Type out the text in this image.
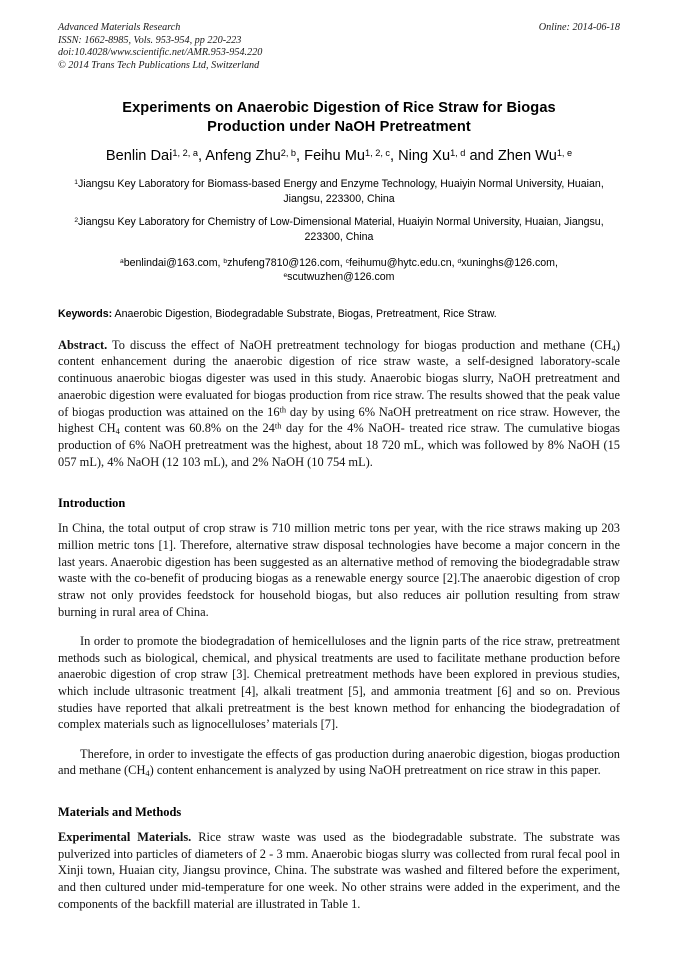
Advanced Materials Research
ISSN: 1662-8985, Vols. 953-954, pp 220-223
doi:10.4028/www.scientific.net/AMR.953-954.220
© 2014 Trans Tech Publications Ltd, Switzerland
Online: 2014-06-18
Experiments on Anaerobic Digestion of Rice Straw for Biogas
Production under NaOH Pretreatment
Benlin Dai$^{1, 2, a}$, Anfeng Zhu$^{2, b}$, Feihu Mu$^{1, 2, c}$, Ning Xu$^{1, d}$ and Zhen Wu$^{1, e}$
$^1$Jiangsu Key Laboratory for Biomass-based Energy and Enzyme Technology, Huaiyin Normal University, Huaian, Jiangsu, 223300, China
$^2$Jiangsu Key Laboratory for Chemistry of Low-Dimensional Material, Huaiyin Normal University, Huaian, Jiangsu, 223300, China
$^a$benlindai@163.com, $^b$zhufeng7810@126.com, $^c$feihumu@hytc.edu.cn, $^d$xuninghs@126.com, $^e$scutwuzhen@126.com
Keywords: Anaerobic Digestion, Biodegradable Substrate, Biogas, Pretreatment, Rice Straw.
Abstract. To discuss the effect of NaOH pretreatment technology for biogas production and methane $(CH_4)$ content enhancement during the anaerobic digestion of rice straw waste, a self-designed laboratory-scale continuous anaerobic biogas digester was used in this study. Anaerobic biogas slurry, NaOH pretreatment and anaerobic digestion were evaluated for biogas production from rice straw. The results showed that the peak value of biogas production was attained on the 16th day by using 6% NaOH pretreatment on rice straw. However, the highest $CH_4$ content was 60.8% on the 24th day for the 4% NaOH- treated rice straw. The cumulative biogas production of 6% NaOH pretreatment was the highest, about 18 720 mL, which was followed by 8% NaOH (15 057 mL), 4% NaOH (12 103 mL), and 2% NaOH (10 754 mL).
Introduction

In China, the total output of crop straw is 710 million metric tons per year, with the rice straws making up 203 million metric tons [1]. Therefore, alternative straw disposal technologies have become a major concern in the last years. Anaerobic digestion has been suggested as an alternative method of removing the biodegradable straw waste with the co-benefit of producing biogas as a renewable energy source [2].The anaerobic digestion of crop straw not only provides feedstock for household biogas, but also reduces air pollution resulting from straw burning in rural area of China.

In order to promote the biodegradation of hemicelluloses and the lignin parts of the rice straw, pretreatment methods such as biological, chemical, and physical treatments are used to facilitate methane production before anaerobic digestion of crop straw [3]. Chemical pretreatment methods have been explored in previous studies, which include ultrasonic treatment [4], alkali treatment [5], and ammonia treatment [6] and so on. Previous studies have reported that alkali pretreatment is the best known method for enhancing the biodegradation of complex materials such as lignocelluloses’ materials [7].

Therefore, in order to investigate the effects of gas production during anaerobic digestion, biogas production and methane $(CH_4)$ content enhancement is analyzed by using NaOH pretreatment on rice straw in this paper.

Materials and Methods

Experimental Materials. Rice straw waste was used as the biodegradable substrate. The substrate was pulverized into particles of diameters of 2 - 3 mm. Anaerobic biogas slurry was collected from rural fecal pool in Xinji town, Huaian city, Jiangsu province, China. The substrate was washed and filtered before the experiment, and then cultured under mid-temperature for one week. No other strains were added in the experiment, and the components of the backfill material are illustrated in Table 1.
